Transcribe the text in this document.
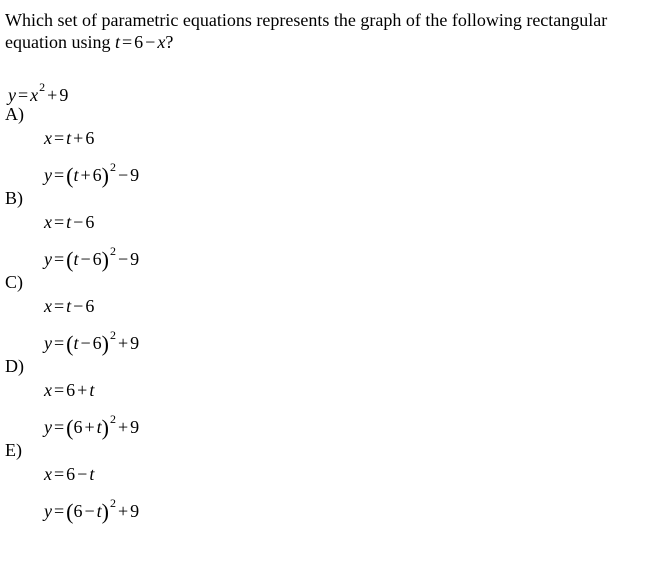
Which set of parametric equations represents the graph of the following rectangular
equation using t = 6 − x?
$y = x^2 + 9$
A)
x = t + 6
$y =(t + 6)^2 - 9$
B)
x = t − 6
$y =(t - 6)^2 - 9$
C)
x = t − 6
$y =(t - 6)^2 + 9$
D)
x = 6 + t
$y =(6 + t)^2 + 9$
E)
x = 6 − t
$y =(6 - t)^2 + 9$
